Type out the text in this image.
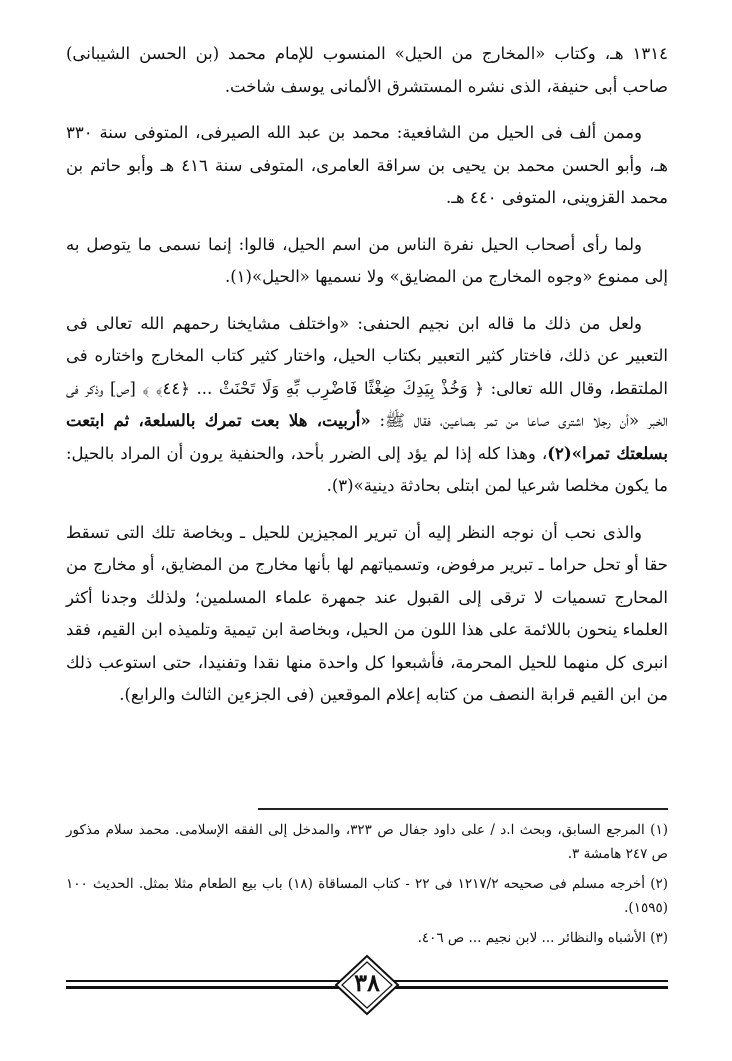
١٣١٤ هـ، وكتاب «المخارج من الحيل» المنسوب للإمام محمد (بن الحسن الشيبانى) صاحب أبى حنيفة، الذى نشره المستشرق الألمانى يوسف شاخت.

وممن ألف فى الحيل من الشافعية: محمد بن عبد الله الصيرفى، المتوفى سنة ٣٣٠ هـ، وأبو الحسن محمد بن يحيى بن سراقة العامرى، المتوفى سنة ٤١٦ هـ وأبو حاتم بن محمد القزوينى، المتوفى ٤٤٠ هـ.

ولما رأى أصحاب الحيل نفرة الناس من اسم الحيل، قالوا: إنما نسمى ما يتوصل به إلى ممنوع «وجوه المخارج من المضايق» ولا نسميها «الحيل»(١).

ولعل من ذلك ما قاله ابن نجيم الحنفى: «واختلف مشايخنا رحمهم الله تعالى فى التعبير عن ذلك، فاختار كثير التعبير بكتاب الحيل، واختار كثير كتاب المخارج واختاره فى الملتقط، وقال الله تعالى: ﴿ وَخُذْ بِيَدِكَ ضِغْثًا فَاضْرِب بِّهِ وَلَا تَحْنَثْ ... ﴿٤٤﴾ ﴾ [ص] وذكر فى الخبر «أن رجلا اشترى صاعا من تمر بصاعين، فقال ﷺ: «أربيت، هلا بعت تمرك بالسلعة، ثم ابتعت بسلعتك تمرا»(٢)، وهذا كله إذا لم يؤد إلى الضرر بأحد، والحنفية يرون أن المراد بالحيل: ما يكون مخلصا شرعيا لمن ابتلى بحادثة دينية»(٣).

والذى نحب أن نوجه النظر إليه أن تبرير المجيزين للحيل ـ وبخاصة تلك التى تسقط حقا أو تحل حراما ـ تبرير مرفوض، وتسمياتهم لها بأنها مخارج من المضايق، أو مخارج من المحارج تسميات لا ترقى إلى القبول عند جمهرة علماء المسلمين؛ ولذلك وجدنا أكثر العلماء ينحون باللائمة على هذا اللون من الحيل، وبخاصة ابن تيمية وتلميذه ابن القيم، فقد انبرى كل منهما للحيل المحرمة، فأشبعوا كل واحدة منها نقدا وتفنيدا، حتى استوعب ذلك من ابن القيم قرابة النصف من كتابه إعلام الموقعين (فى الجزءين الثالث والرابع).

(١) المرجع السابق، وبحث ا.د / على داود جفال ص ٣٢٣، والمدخل إلى الفقه الإسلامى. محمد سلام مذكور ص ٢٤٧ هامشة ٣.

(٢) أخرجه مسلم فى صحيحه ١٢١٧/٢ فى ٢٢ - كتاب المساقاة (١٨) باب بيع الطعام مثلا بمثل. الحديث ١٠٠ (١٥٩٥).

(٣) الأشباه والنظائر ... لابن نجيم ... ص ٤٠٦.

٣٨
